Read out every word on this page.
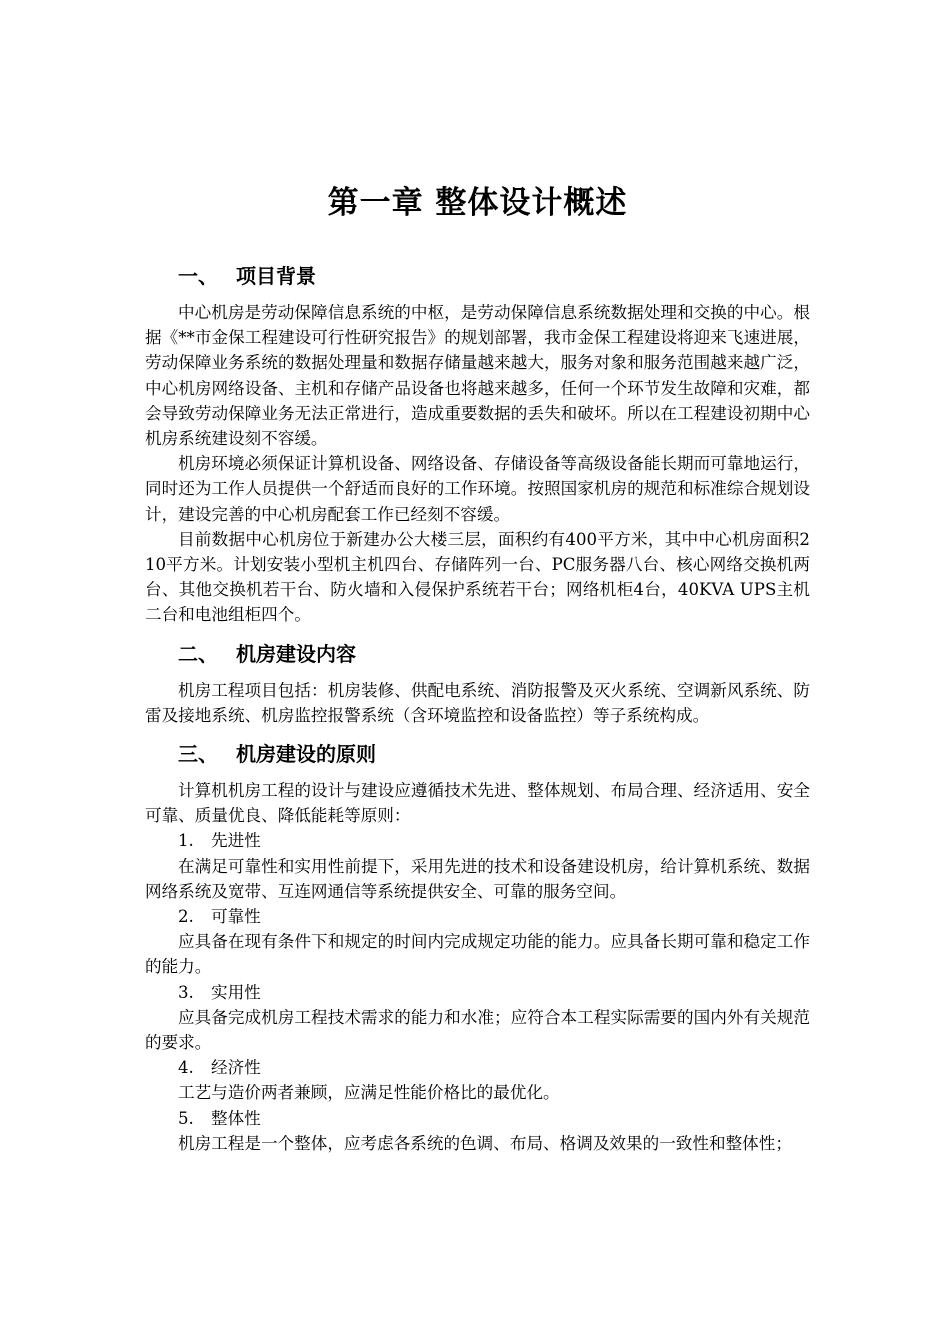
第一章 整体设计概述
一、 项目背景

中心机房是劳动保障信息系统的中枢，是劳动保障信息系统数据处理和交换的中心。根据《**市金保工程建设可行性研究报告》的规划部署，我市金保工程建设将迎来飞速进展，劳动保障业务系统的数据处理量和数据存储量越来越大，服务对象和服务范围越来越广泛，中心机房网络设备、主机和存储产品设备也将越来越多，任何一个环节发生故障和灾难，都会导致劳动保障业务无法正常进行，造成重要数据的丢失和破坏。所以在工程建设初期中心机房系统建设刻不容缓。

机房环境必须保证计算机设备、网络设备、存储设备等高级设备能长期而可靠地运行，同时还为工作人员提供一个舒适而良好的工作环境。按照国家机房的规范和标准综合规划设计，建设完善的中心机房配套工作已经刻不容缓。

目前数据中心机房位于新建办公大楼三层，面积约有400平方米，其中中心机房面积210平方米。计划安装小型机主机四台、存储阵列一台、PC服务器八台、核心网络交换机两台、其他交换机若干台、防火墙和入侵保护系统若干台；网络机柜4台，40KVA UPS主机二台和电池组柜四个。

二、 机房建设内容

机房工程项目包括：机房装修、供配电系统、消防报警及灭火系统、空调新风系统、防雷及接地系统、机房监控报警系统（含环境监控和设备监控）等子系统构成。

三、 机房建设的原则

计算机机房工程的设计与建设应遵循技术先进、整体规划、布局合理、经济适用、安全可靠、质量优良、降低能耗等原则：

1. 先进性

在满足可靠性和实用性前提下，采用先进的技术和设备建设机房，给计算机系统、数据网络系统及宽带、互连网通信等系统提供安全、可靠的服务空间。

2. 可靠性

应具备在现有条件下和规定的时间内完成规定功能的能力。应具备长期可靠和稳定工作的能力。

3. 实用性

应具备完成机房工程技术需求的能力和水准；应符合本工程实际需要的国内外有关规范的要求。

4. 经济性

工艺与造价两者兼顾，应满足性能价格比的最优化。

5. 整体性

机房工程是一个整体，应考虑各系统的色调、布局、格调及效果的一致性和整体性；
